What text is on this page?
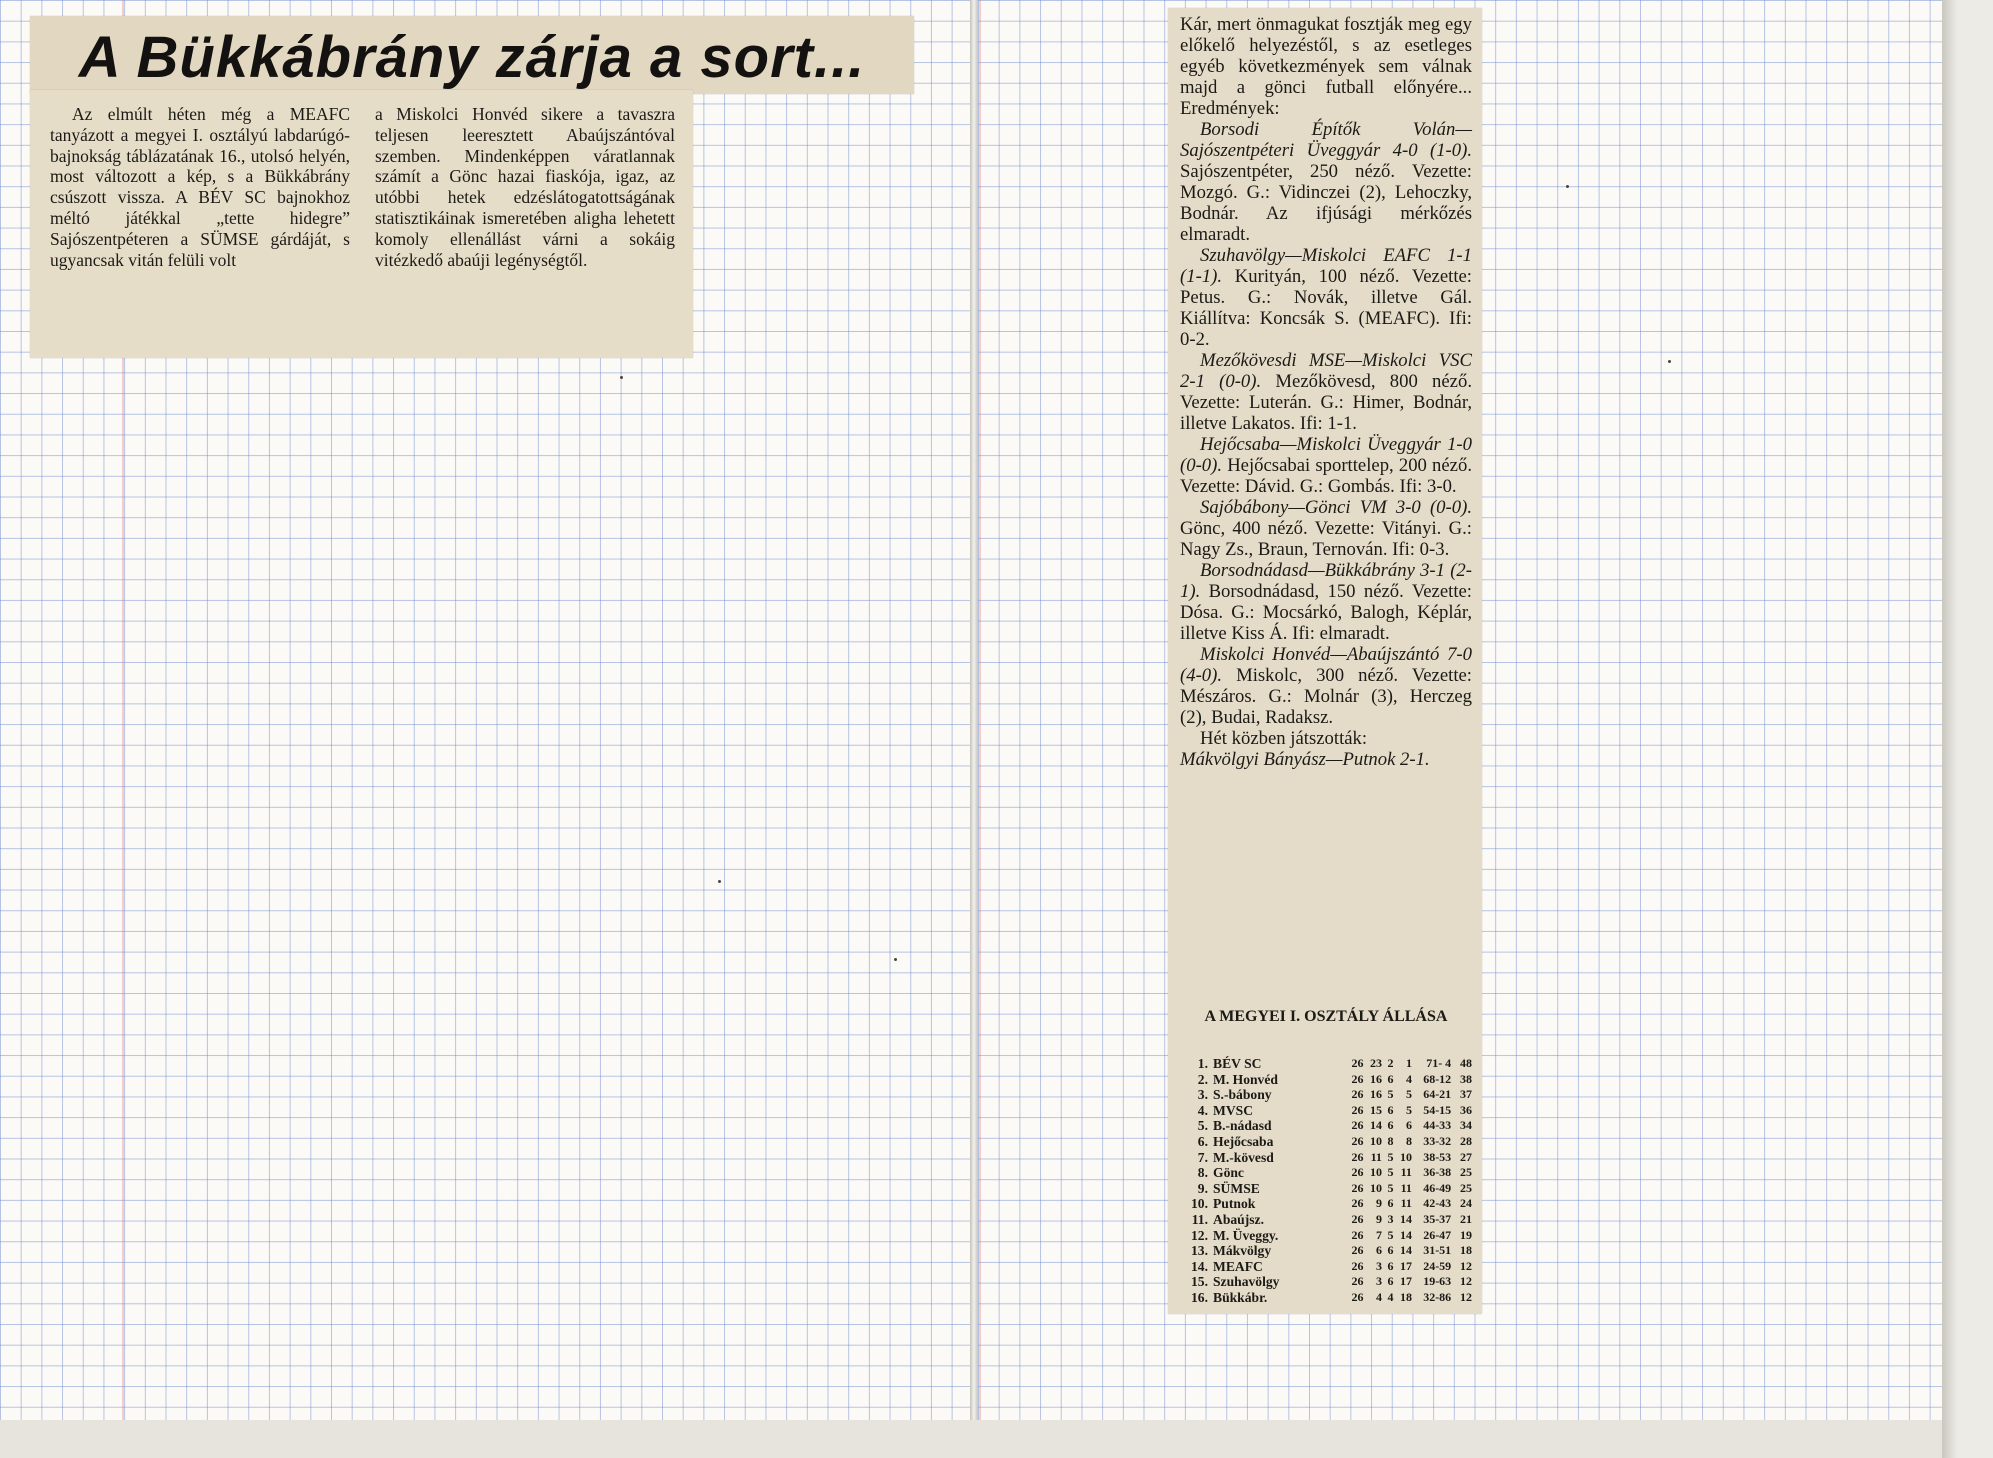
A Bükkábrány zárja a sort...

Az elmúlt héten még a MEAFC tanyázott a megyei I. osztályú labdarúgó-bajnokság táblázatának 16., utolsó helyén, most változott a kép, s a Bükkábrány csúszott vissza. A BÉV SC bajnokhoz méltó játékkal „tette hidegre” Sajószentpéteren a SÜMSE gárdáját, s ugyancsak vitán felüli volt

a Miskolci Honvéd sikere a tavaszra teljesen leeresztett Abaújszántóval szemben. Mindenképpen váratlannak számít a Gönc hazai fiaskója, igaz, az utóbbi hetek edzéslátogatottságának statisztikáinak ismeretében aligha lehetett komoly ellenállást várni a sokáig vitézkedő abaúji legénységtől.

Kár, mert önmagukat fosztják meg egy előkelő helyezéstől, s az esetleges egyéb következmények sem válnak majd a gönci futball előnyére... Eredmények:

Borsodi Építők Volán—Sajószentpéteri Üveggyár 4-0 (1-0). Sajószentpéter, 250 néző. Vezette: Mozgó. G.: Vidinczei (2), Lehoczky, Bodnár. Az ifjúsági mérkőzés elmaradt.

Szuhavölgy—Miskolci EAFC 1-1 (1-1). Kurityán, 100 néző. Vezette: Petus. G.: Novák, illetve Gál. Kiállítva: Koncsák S. (MEAFC). Ifi: 0-2.

Mezőkövesdi MSE—Miskolci VSC 2-1 (0-0). Mezőkövesd, 800 néző. Vezette: Luterán. G.: Himer, Bodnár, illetve Lakatos. Ifi: 1-1.

Hejőcsaba—Miskolci Üveggyár 1-0 (0-0). Hejőcsabai sporttelep, 200 néző. Vezette: Dávid. G.: Gombás. Ifi: 3-0.

Sajóbábony—Gönci VM 3-0 (0-0). Gönc, 400 néző. Vezette: Vitányi. G.: Nagy Zs., Braun, Ternován. Ifi: 0-3.

Borsodnádasd—Bükkábrány 3-1 (2-1). Borsodnádasd, 150 néző. Vezette: Dósa. G.: Mocsárkó, Balogh, Képlár, illetve Kiss Á. Ifi: elmaradt.

Miskolci Honvéd—Abaújszántó 7-0 (4-0). Miskolc, 300 néző. Vezette: Mészáros. G.: Molnár (3), Herczeg (2), Budai, Radaksz.

Hét közben játszották:

Mákvölgyi Bányász—Putnok 2-1.

A MEGYEI I. OSZTÁLY ÁLLÁSA
1.	BÉV SC	26	23	2	1	71- 4	48
2.	M. Honvéd	26	16	6	4	68-12	38
3.	S.-bábony	26	16	5	5	64-21	37
4.	MVSC	26	15	6	5	54-15	36
5.	B.-nádasd	26	14	6	6	44-33	34
6.	Hejőcsaba	26	10	8	8	33-32	28
7.	M.-kövesd	26	11	5	10	38-53	27
8.	Gönc	26	10	5	11	36-38	25
9.	SÜMSE	26	10	5	11	46-49	25
10.	Putnok	26	9	6	11	42-43	24
11.	Abaújsz.	26	9	3	14	35-37	21
12.	M. Üveggy.	26	7	5	14	26-47	19
13.	Mákvölgy	26	6	6	14	31-51	18
14.	MEAFC	26	3	6	17	24-59	12
15.	Szuhavölgy	26	3	6	17	19-63	12
16.	Bükkábr.	26	4	4	18	32-86	12
